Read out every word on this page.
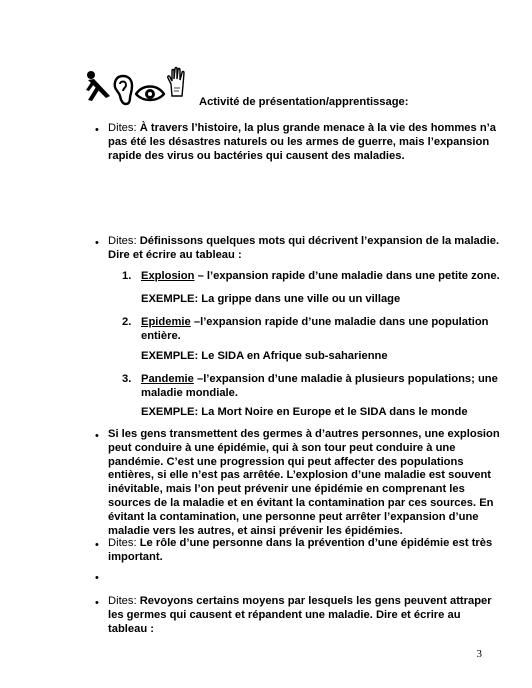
Activité de présentation/apprentissage:
• Dites: À travers l’histoire, la plus grande menace à la vie des hommes n’a pas été les désastres naturels ou les armes de guerre, mais l’expansion rapide des virus ou bactéries qui causent des maladies.
• Dites: Définissons quelques mots qui décrivent l’expansion de la maladie. Dire et écrire au tableau :
1. Explosion – l’expansion rapide d’une maladie dans une petite zone.
EXEMPLE: La grippe dans une ville ou un village
2. Epidemie –l’expansion rapide d’une maladie dans une population entière.
EXEMPLE: Le SIDA en Afrique sub-saharienne
3. Pandemie –l’expansion d’une maladie à plusieurs populations; une maladie mondiale.
EXEMPLE: La Mort Noire en Europe et le SIDA dans le monde
• Si les gens transmettent des germes à d’autres personnes, une explosion peut conduire à une épidémie, qui à son tour peut conduire à une pandémie. C’est une progression qui peut affecter des populations entières, si elle n’est pas arrêtée. L’explosion d’une maladie est souvent inévitable, mais l’on peut prévenir une épidémie en comprenant les sources de la maladie et en évitant la contamination par ces sources. En évitant la contamination, une personne peut arrêter l’expansion d’une maladie vers les autres, et ainsi prévenir les épidémies.
• Dites: Le rôle d’une personne dans la prévention d’une épidémie est très important.
•
• Dites: Revoyons certains moyens par lesquels les gens peuvent attraper les germes qui causent et répandent une maladie. Dire et écrire au tableau :
3
